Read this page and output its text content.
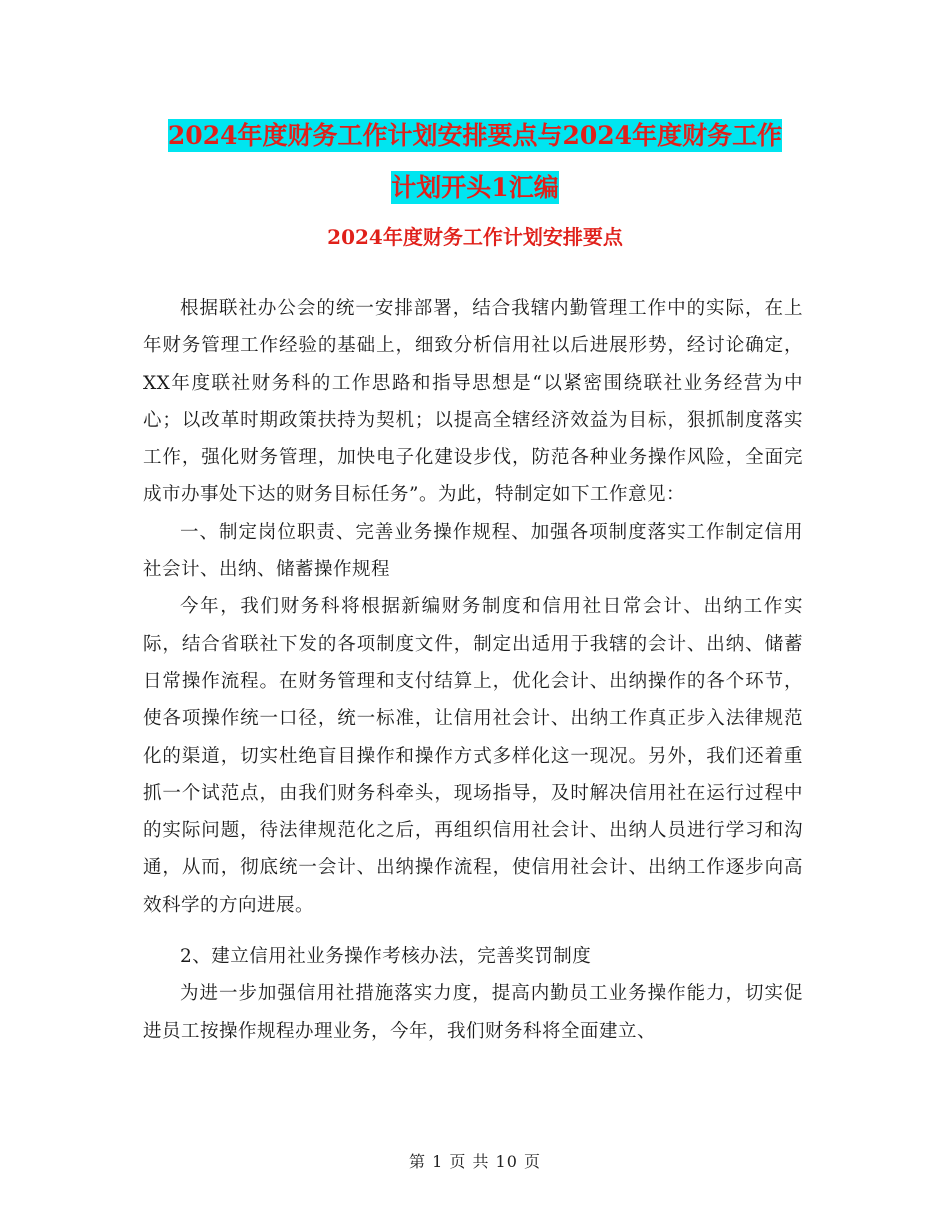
2024年度财务工作计划安排要点与2024年度财务工作
计划开头1汇编
2024年度财务工作计划安排要点

根据联社办公会的统一安排部署，结合我辖内勤管理工作中的实际，在上年财务管理工作经验的基础上，细致分析信用社以后进展形势，经讨论确定，XX年度联社财务科的工作思路和指导思想是“以紧密围绕联社业务经营为中心；以改革时期政策扶持为契机；以提高全辖经济效益为目标，狠抓制度落实工作，强化财务管理，加快电子化建设步伐，防范各种业务操作风险，全面完成市办事处下达的财务目标任务”。为此，特制定如下工作意见：

一、制定岗位职责、完善业务操作规程、加强各项制度落实工作制定信用社会计、出纳、储蓄操作规程

今年，我们财务科将根据新编财务制度和信用社日常会计、出纳工作实际，结合省联社下发的各项制度文件，制定出适用于我辖的会计、出纳、储蓄日常操作流程。在财务管理和支付结算上，优化会计、出纳操作的各个环节，使各项操作统一口径，统一标准，让信用社会计、出纳工作真正步入法律规范化的渠道，切实杜绝盲目操作和操作方式多样化这一现况。另外，我们还着重抓一个试范点，由我们财务科牵头，现场指导，及时解决信用社在运行过程中的实际问题，待法律规范化之后，再组织信用社会计、出纳人员进行学习和沟通，从而，彻底统一会计、出纳操作流程，使信用社会计、出纳工作逐步向高效科学的方向进展。

2、建立信用社业务操作考核办法，完善奖罚制度

为进一步加强信用社措施落实力度，提高内勤员工业务操作能力，切实促进员工按操作规程办理业务，今年，我们财务科将全面建立、

第 1 页 共 10 页
